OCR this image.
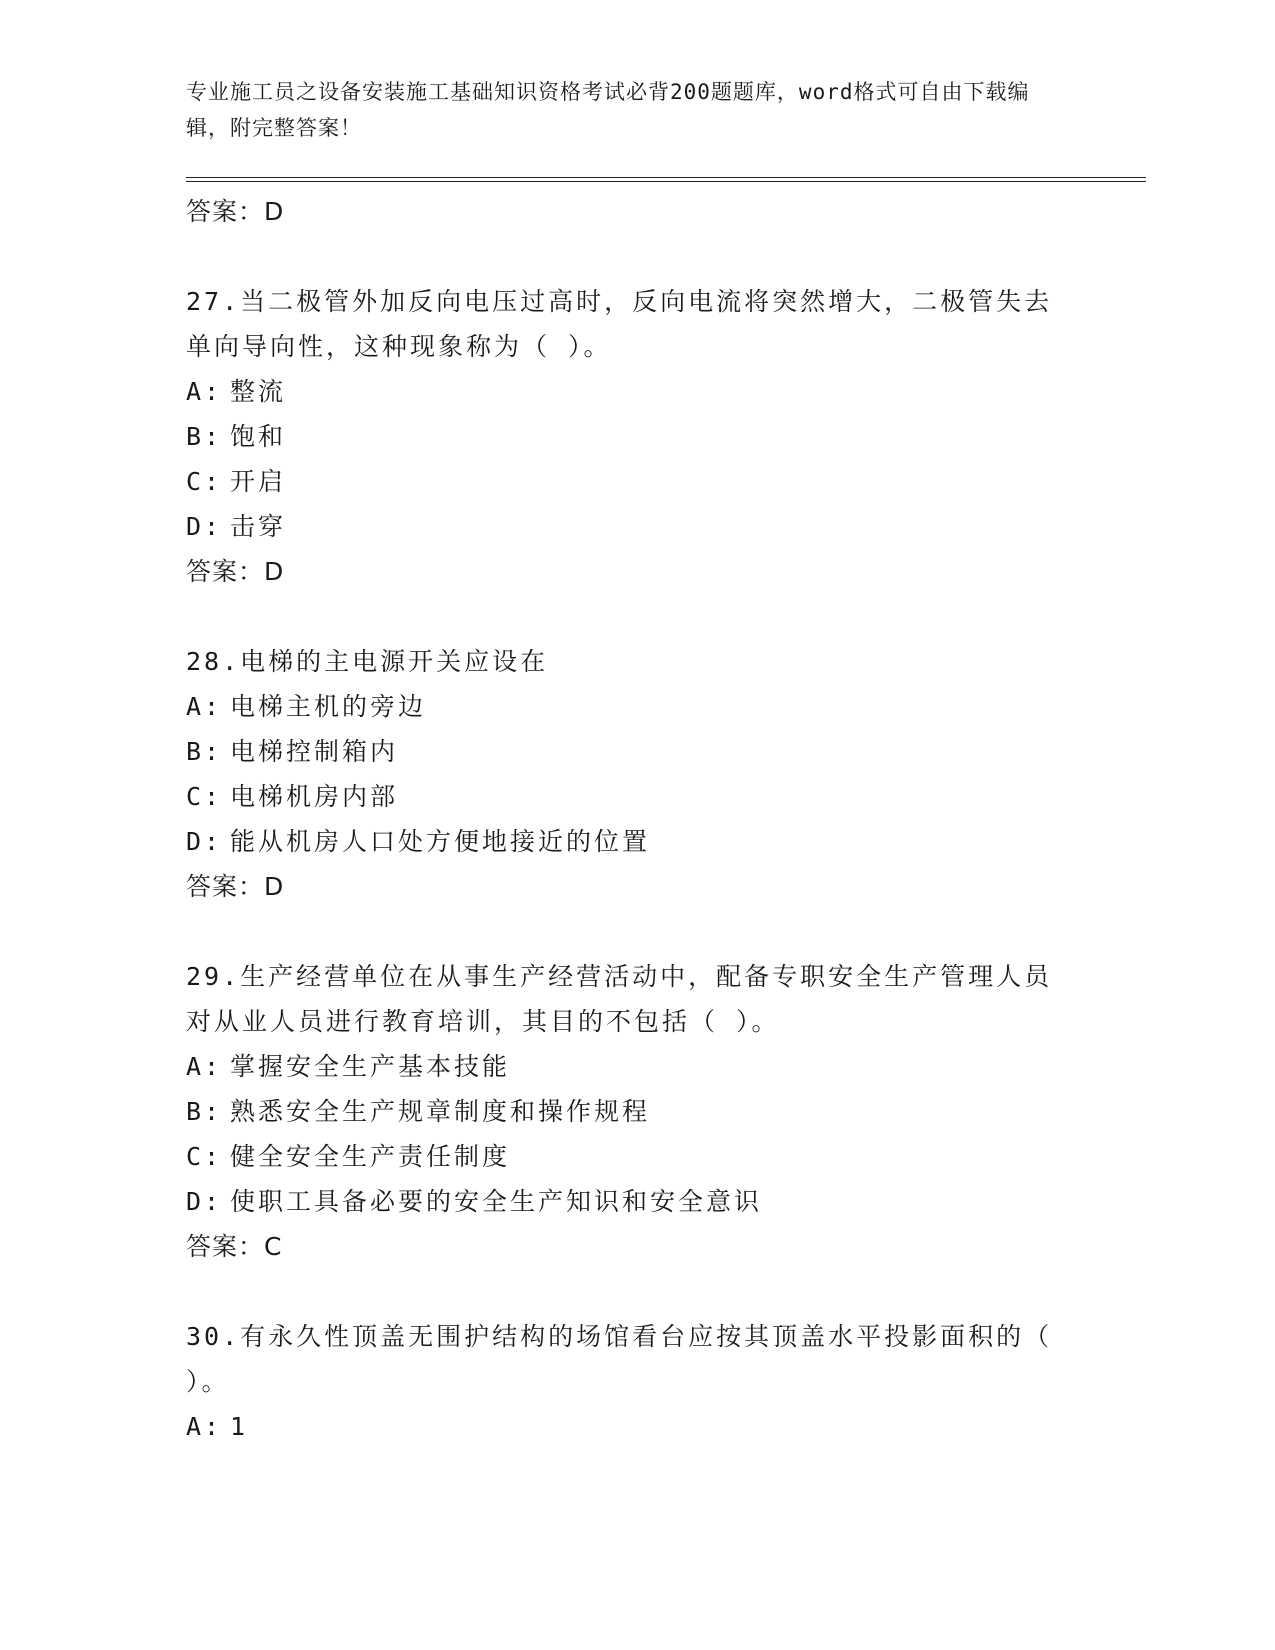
专业施工员之设备安装施工基础知识资格考试必背200题题库，word格式可自由下载编辑，附完整答案！

答案：D

27.当二极管外加反向电压过高时，反向电流将突然增大，二极管失去单向导向性，这种现象称为（ ）。

A: 整流
B: 饱和
C: 开启
D: 击穿

答案：D

28.电梯的主电源开关应设在

A: 电梯主机的旁边
B: 电梯控制箱内
C: 电梯机房内部
D: 能从机房人口处方便地接近的位置

答案：D

29.生产经营单位在从事生产经营活动中，配备专职安全生产管理人员对从业人员进行教育培训，其目的不包括（ ）。

A: 掌握安全生产基本技能
B: 熟悉安全生产规章制度和操作规程
C: 健全安全生产责任制度
D: 使职工具备必要的安全生产知识和安全意识

答案：C

30.有永久性顶盖无围护结构的场馆看台应按其顶盖水平投影面积的（ ）。

A: 1
